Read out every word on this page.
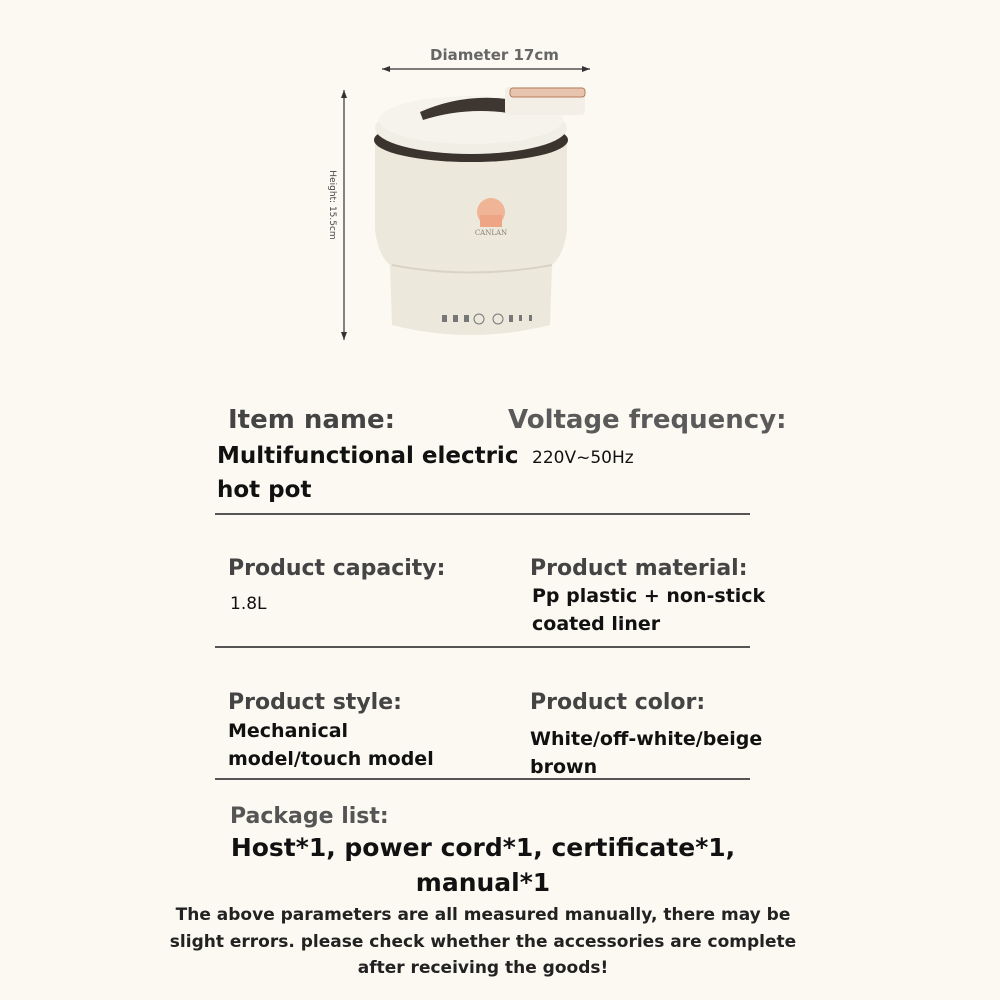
CANLAN
Diameter 17cm
Height: 15.5cm
Item name:
Multifunctional electric
hot pot
Voltage frequency:
220V~50Hz
Product capacity:
1.8L
Product material:
Pp plastic + non-stick
coated liner
Product style:
Mechanical
model/touch model
Product color:
White/off-white/beige
brown
Package list:
Host*1, power cord*1, certificate*1,
manual*1
The above parameters are all measured manually, there may be
slight errors. please check whether the accessories are complete
after receiving the goods!
